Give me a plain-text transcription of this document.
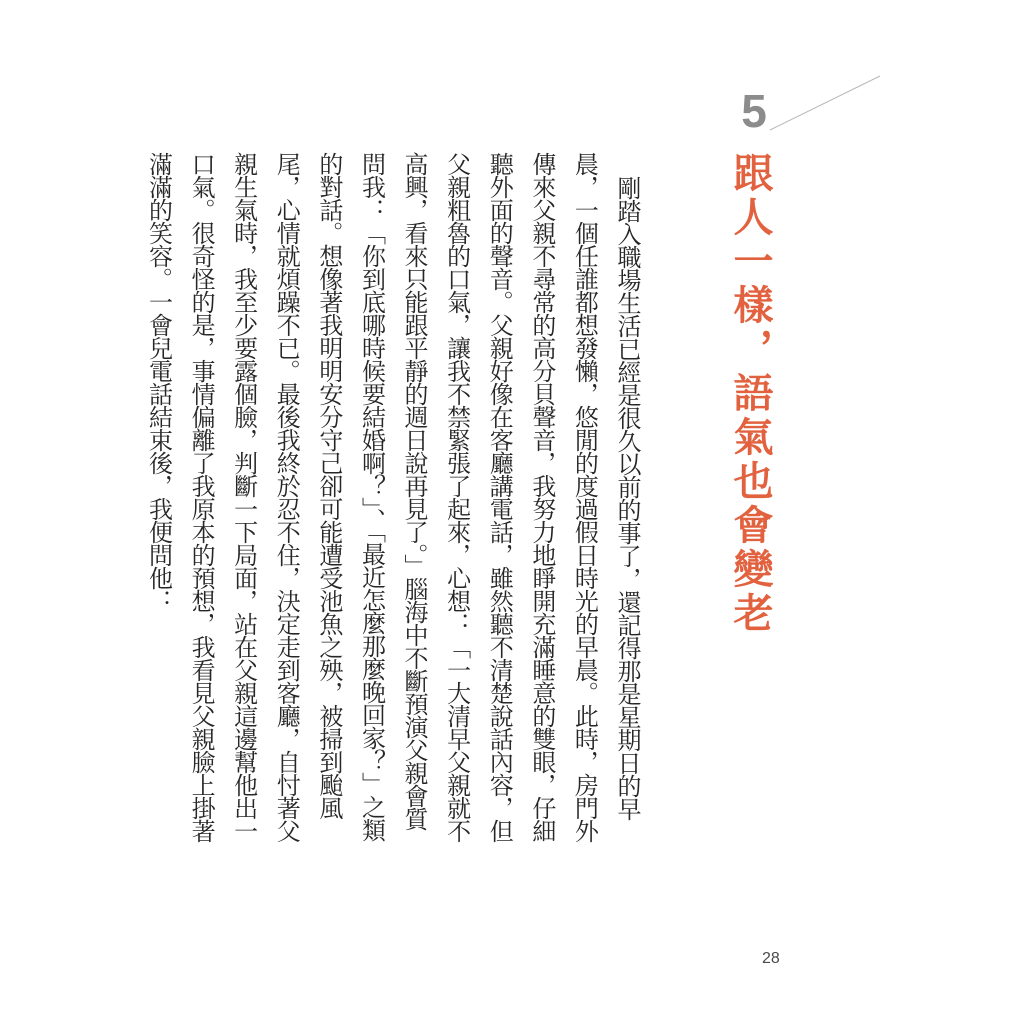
5
跟人一樣，語氣也會變老

剛踏入職場生活已經是很久以前的事了，還記得那是星期日的早晨，一個任誰都想發懶，悠閒的度過假日時光的早晨。此時，房門外傳來父親不尋常的高分貝聲音，我努力地睜開充滿睡意的雙眼，仔細聽外面的聲音。父親好像在客廳講電話，雖然聽不清楚說話內容，但父親粗魯的口氣，讓我不禁緊張了起來，心想：「一大清早父親就不高興，看來只能跟平靜的週日說再見了。」腦海中不斷預演父親會質問我：「你到底哪時候要結婚啊？」、「最近怎麼那麼晚回家？」之類的對話。想像著我明明安分守己卻可能遭受池魚之殃，被掃到颱風尾，心情就煩躁不已。最後我終於忍不住，決定走到客廳，自忖著父親生氣時，我至少要露個臉，判斷一下局面，站在父親這邊幫他出一口氣。很奇怪的是，事情偏離了我原本的預想，我看見父親臉上掛著滿滿的笑容。一會兒電話結束後，我便問他：

28
